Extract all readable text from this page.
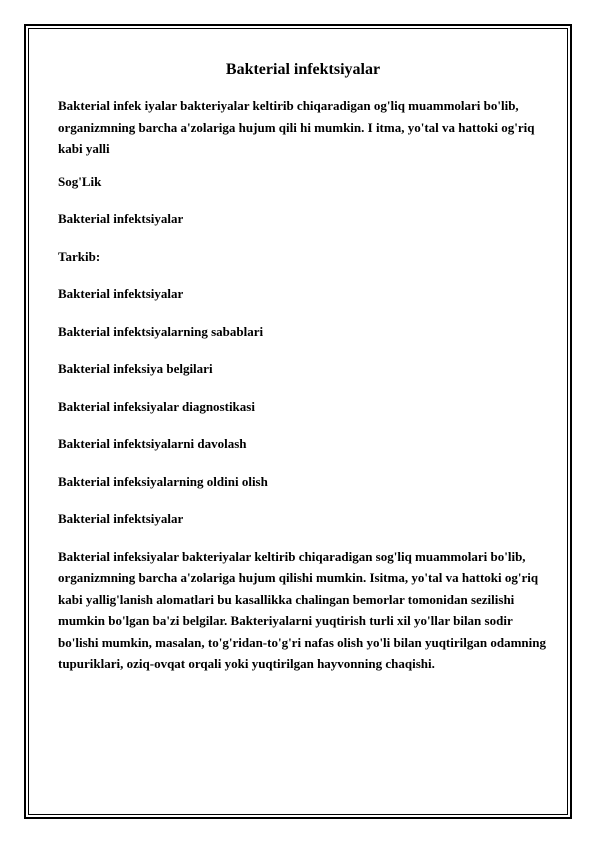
Bakterial infektsiyalar
Bakterial infek iyalar bakteriyalar keltirib chiqaradigan og'liq muammolari bo'lib, organizmning barcha a'zolariga hujum qili hi mumkin. I itma, yo'tal va hattoki og'riq kabi yalli
Sog'Lik
Bakterial infektsiyalar
Tarkib:
Bakterial infektsiyalar
Bakterial infektsiyalarning sabablari
Bakterial infeksiya belgilari
Bakterial infeksiyalar diagnostikasi
Bakterial infektsiyalarni davolash
Bakterial infeksiyalarning oldini olish
Bakterial infektsiyalar
Bakterial infeksiyalar bakteriyalar keltirib chiqaradigan sog'liq muammolari bo'lib, organizmning barcha a'zolariga hujum qilishi mumkin. Isitma, yo'tal va hattoki og'riq kabi yallig'lanish alomatlari bu kasallikka chalingan bemorlar tomonidan sezilishi mumkin bo'lgan ba'zi belgilar. Bakteriyalarni yuqtirish turli xil yo'llar bilan sodir bo'lishi mumkin, masalan, to'g'ridan-to'g'ri nafas olish yo'li bilan yuqtirilgan odamning tupuriklari, oziq-ovqat orqali yoki yuqtirilgan hayvonning chaqishi.
